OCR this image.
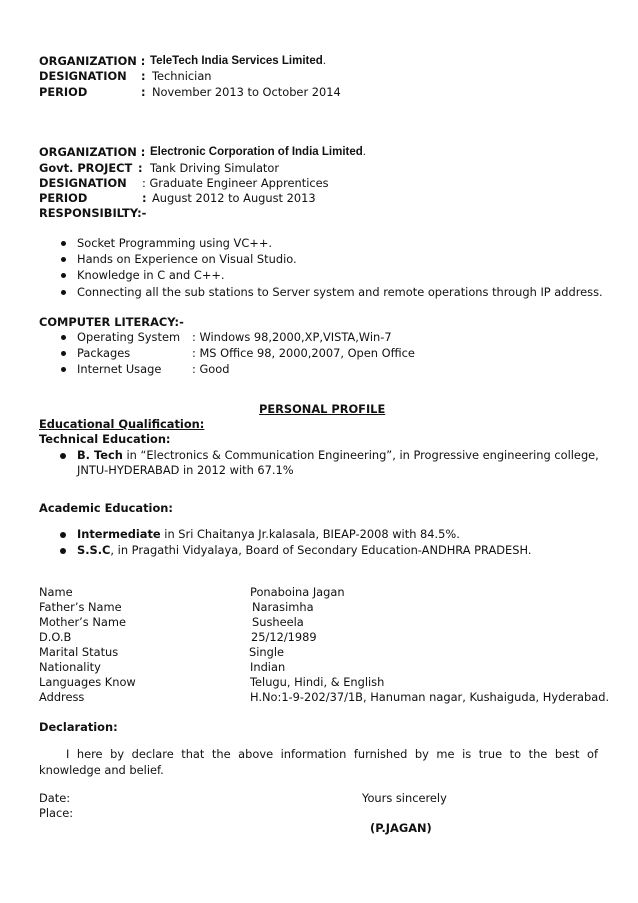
ORGANIZATION : TeleTech India Services Limited.
DESIGNATION : Technician
PERIOD	: November 2013 to October 2014
ORGANIZATION : Electronic Corporation of India Limited.
Govt. PROJECT : Tank Driving Simulator
DESIGNATION : Graduate Engineer Apprentices
PERIOD	: August 2012 to August 2013
RESPONSIBILTY:-
Socket Programming using VC++.
Hands on Experience on Visual Studio.
Knowledge in C and C++.
Connecting all the sub stations to Server system and remote operations through IP address.
COMPUTER LITERACY:-
Operating System : Windows 98,2000,XP,VISTA,Win-7
Packages	: MS Office 98, 2000,2007, Open Office
Internet Usage	: Good
PERSONAL PROFILE
Educational Qualification:
Technical Education:
B. Tech in “Electronics & Communication Engineering”, in Progressive engineering college,
JNTU-HYDERABAD in 2012 with 67.1%
Academic Education:
Intermediate in Sri Chaitanya Jr.kalasala, BIEAP-2008 with 84.5%.
S.S.C, in Pragathi Vidyalaya, Board of Secondary Education-ANDHRA PRADESH.
Name	Ponaboina Jagan
Father’s Name	Narasimha
Mother’s Name	Susheela
D.O.B	25/12/1989
Marital Status	Single
Nationality	Indian
Languages Know	Telugu, Hindi, & English
Address	H.No:1-9-202/37/1B, Hanuman nagar, Kushaiguda, Hyderabad.
Declaration:
I here by declare that the above information furnished by me is true to the best of knowledge and belief.
Date:	Yours sincerely
Place:
(P.JAGAN)
